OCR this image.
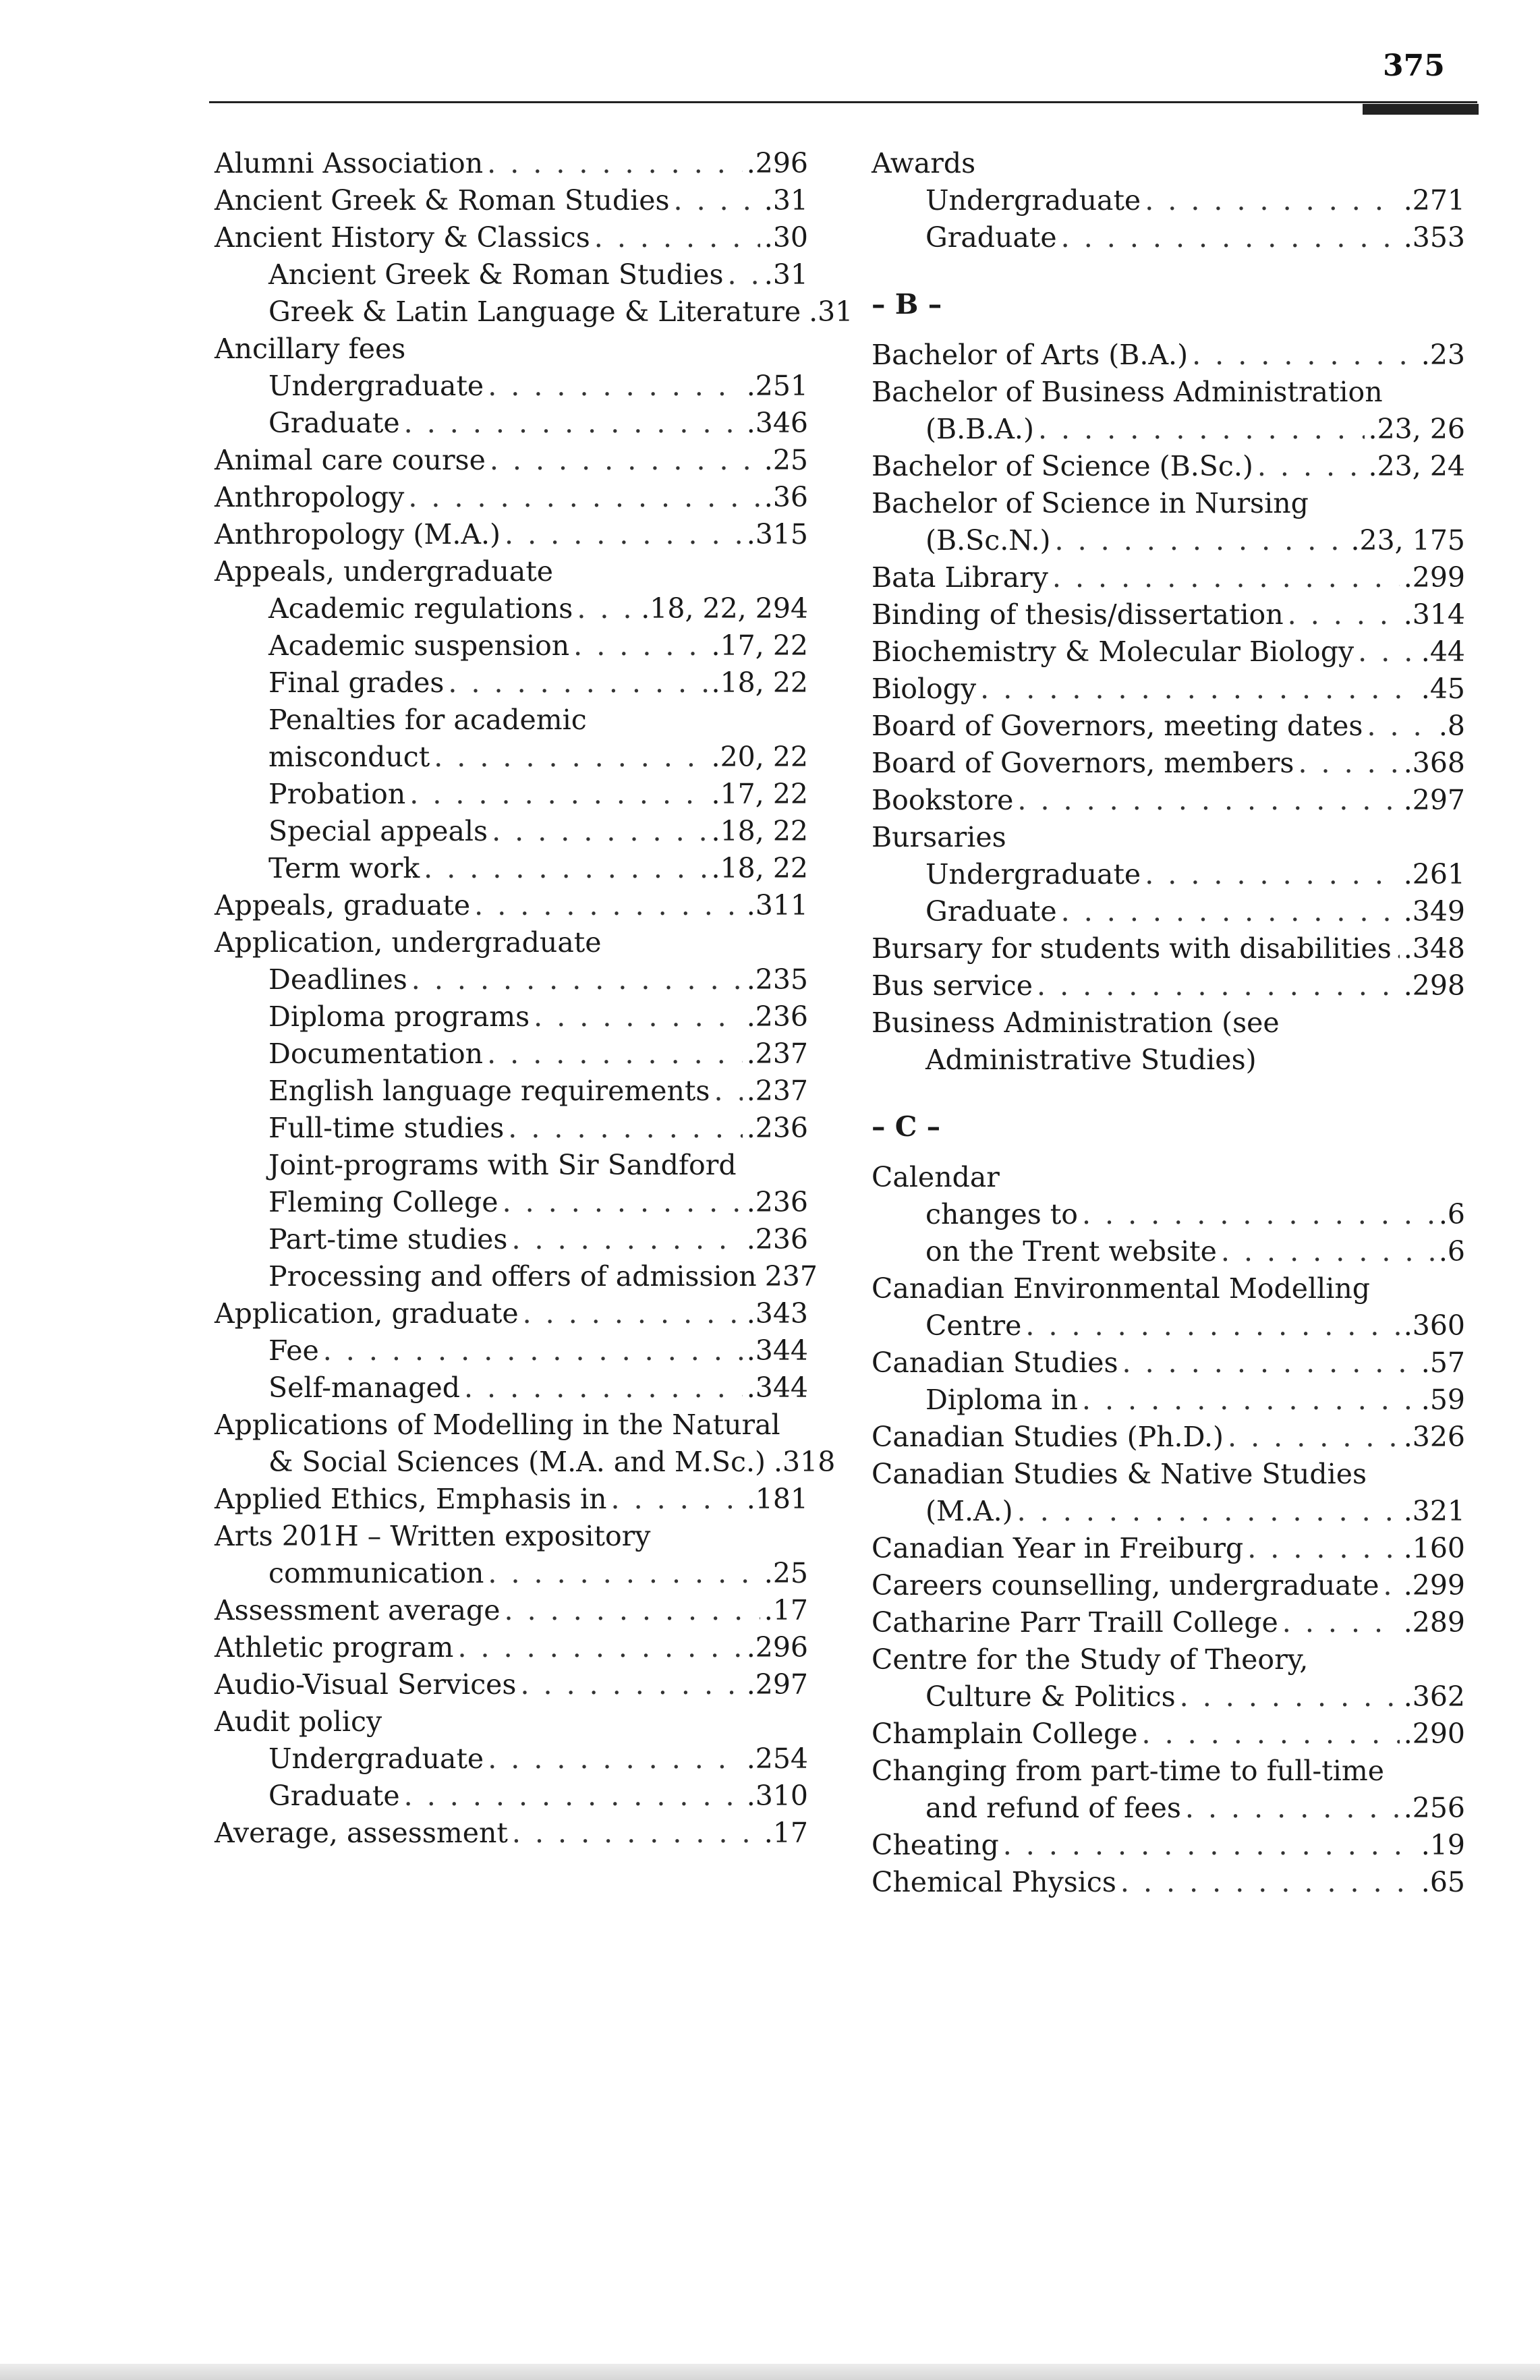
375
Alumni Association . . .	.296
Ancient Greek & Roman Studies . . .	.31
Ancient History & Classics . . .	.30
Ancient Greek & Roman Studies . . . .31
Greek & Latin Language & Literature .31
Ancillary fees
Undergraduate . . .	.251
Graduate . . .	.346
Animal care course . . .	.25
Anthropology . . .	.36
Anthropology (M.A.) . . .	.315
Appeals, undergraduate
Academic regulations . . . .18, 22, 294
Academic suspension . . .	.17, 22
Final grades . . .	.18, 22
Penalties for academic
misconduct . . .	.20, 22
Probation . . .	.17, 22
Special appeals . . .	.18, 22
Term work . . .	.18, 22
Appeals, graduate . . .	.311
Application, undergraduate
Deadlines . . .	.235
Diploma programs . . .	.236
Documentation . . .	.237
English language requirements . . . .237
Full-time studies . . .	.236
Joint-programs with Sir Sandford
Fleming College . . .	.236
Part-time studies . . .	.236
Processing and offers of admission 237
Application, graduate . . .	.343
Fee . . .	.344
Self-managed . . .	.344
Applications of Modelling in the Natural
& Social Sciences (M.A. and M.Sc.) .318
Applied Ethics, Emphasis in . . .	.181
Arts 201H – Written expository
communication . . .	.25
Assessment average . . .	.17
Athletic program . . .	.296
Audio-Visual Services . . .	.297
Audit policy
Undergraduate . . .	.254
Graduate . . .	.310
Average, assessment . . .	.17
Awards
Undergraduate . . .	.271
Graduate . . .	.353
– B –
Bachelor of Arts (B.A.) . . .	.23
Bachelor of Business Administration
(B.B.A.) . . .	.23, 26
Bachelor of Science (B.Sc.) . . .	.23, 24
Bachelor of Science in Nursing
(B.Sc.N.) . . .	.23, 175
Bata Library . . .	.299
Binding of thesis/dissertation . . .	.314
Biochemistry & Molecular Biology . . . .44
Biology . . .	.45
Board of Governors, meeting dates . . .	.8
Board of Governors, members . . .	.368
Bookstore . . .	.297
Bursaries
Undergraduate . . .	.261
Graduate . . .	.349
Bursary for students with disabilities . . . .348
Bus service . . .	.298
Business Administration (see
Administrative Studies)
– C –
Calendar
changes to . . .	.6
on the Trent website . . .	.6
Canadian Environmental Modelling
Centre . . .	.360
Canadian Studies . . .	.57
Diploma in . . .	.59
Canadian Studies (Ph.D.) . . .	.326
Canadian Studies & Native Studies
(M.A.) . . .	.321
Canadian Year in Freiburg . . .	.160
Careers counselling, undergraduate . . . .299
Catharine Parr Traill College . . .	.289
Centre for the Study of Theory,
Culture & Politics . . .	.362
Champlain College . . .	.290
Changing from part-time to full-time
and refund of fees . . .	.256
Cheating . . .	.19
Chemical Physics . . .	.65
